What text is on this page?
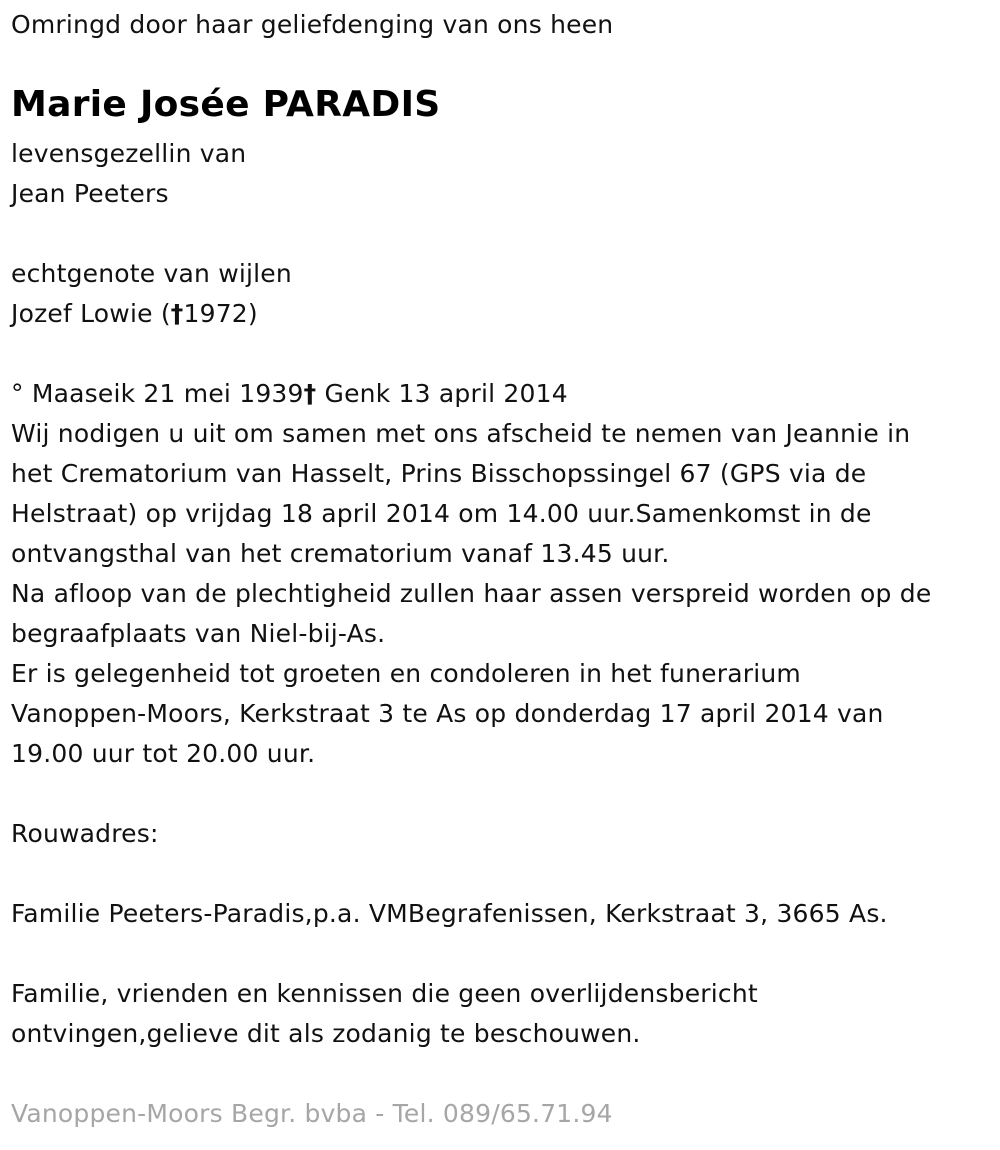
Omringd door haar geliefdenging van ons heen
Marie Josée PARADIS
levensgezellin van
Jean Peeters
echtgenote van wijlen
Jozef Lowie (†1972)
° Maaseik 21 mei 1939† Genk 13 april 2014
Wij nodigen u uit om samen met ons afscheid te nemen van Jeannie in
het Crematorium van Hasselt, Prins Bisschopssingel 67 (GPS via de
Helstraat) op vrijdag 18 april 2014 om 14.00 uur.Samenkomst in de
ontvangsthal van het crematorium vanaf 13.45 uur.
Na afloop van de plechtigheid zullen haar assen verspreid worden op de
begraafplaats van Niel-bij-As.
Er is gelegenheid tot groeten en condoleren in het funerarium
Vanoppen-Moors, Kerkstraat 3 te As op donderdag 17 april 2014 van
19.00 uur tot 20.00 uur.
Rouwadres:
Familie Peeters-Paradis,p.a. VMBegrafenissen, Kerkstraat 3, 3665 As.
Familie, vrienden en kennissen die geen overlijdensbericht
ontvingen,gelieve dit als zodanig te beschouwen.
Vanoppen-Moors Begr. bvba - Tel. 089/65.71.94
